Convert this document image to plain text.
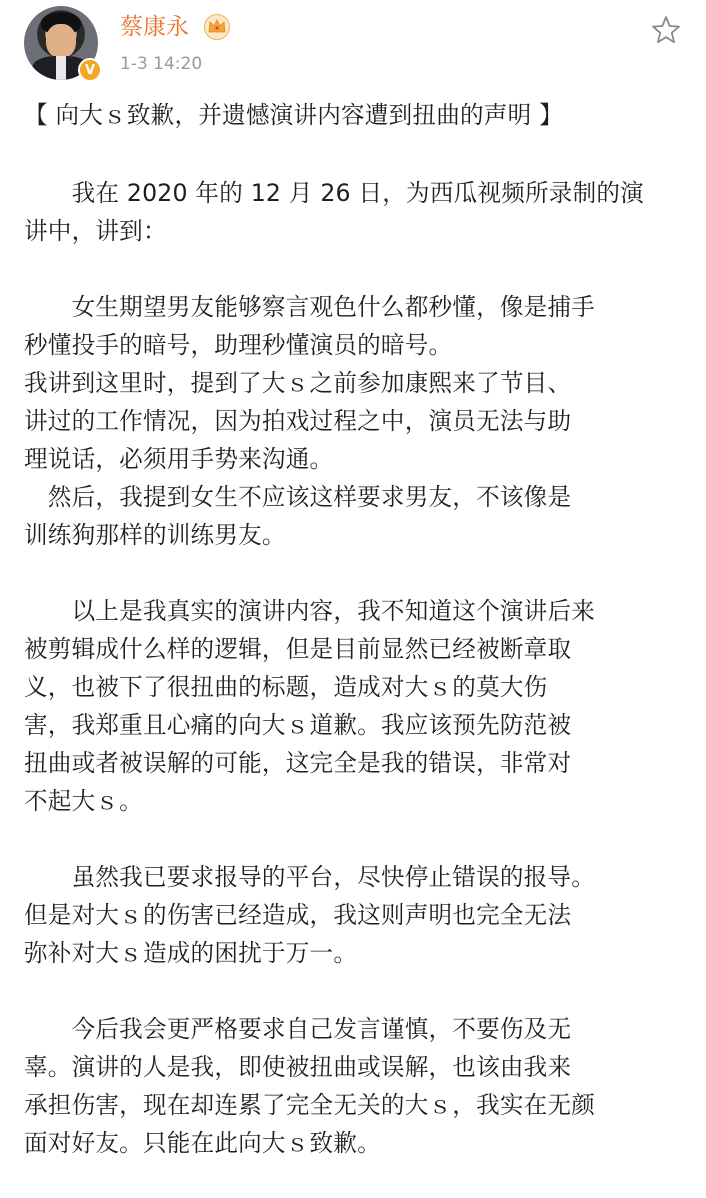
V
蔡康永
1-3 14:20

【 向大ｓ致歉，并遗憾演讲内容遭到扭曲的声明 】

　　我在 2020 年的 12 月 26 日，为西瓜视频所录制的演

讲中，讲到：

　　女生期望男友能够察言观色什么都秒懂，像是捕手

秒懂投手的暗号，助理秒懂演员的暗号。

我讲到这里时，提到了大ｓ之前参加康熙来了节目、

讲过的工作情况，因为拍戏过程之中，演员无法与助

理说话，必须用手势来沟通。

　然后，我提到女生不应该这样要求男友，不该像是

训练狗那样的训练男友。

　　以上是我真实的演讲内容，我不知道这个演讲后来

被剪辑成什么样的逻辑，但是目前显然已经被断章取

义，也被下了很扭曲的标题，造成对大ｓ的莫大伤

害，我郑重且心痛的向大ｓ道歉。我应该预先防范被

扭曲或者被误解的可能，这完全是我的错误，非常对

不起大ｓ。

　　虽然我已要求报导的平台，尽快停止错误的报导。

但是对大ｓ的伤害已经造成，我这则声明也完全无法

弥补对大ｓ造成的困扰于万一。

　　今后我会更严格要求自己发言谨慎，不要伤及无

辜。演讲的人是我，即使被扭曲或误解，也该由我来

承担伤害，现在却连累了完全无关的大ｓ，我实在无颜

面对好友。只能在此向大ｓ致歉。
